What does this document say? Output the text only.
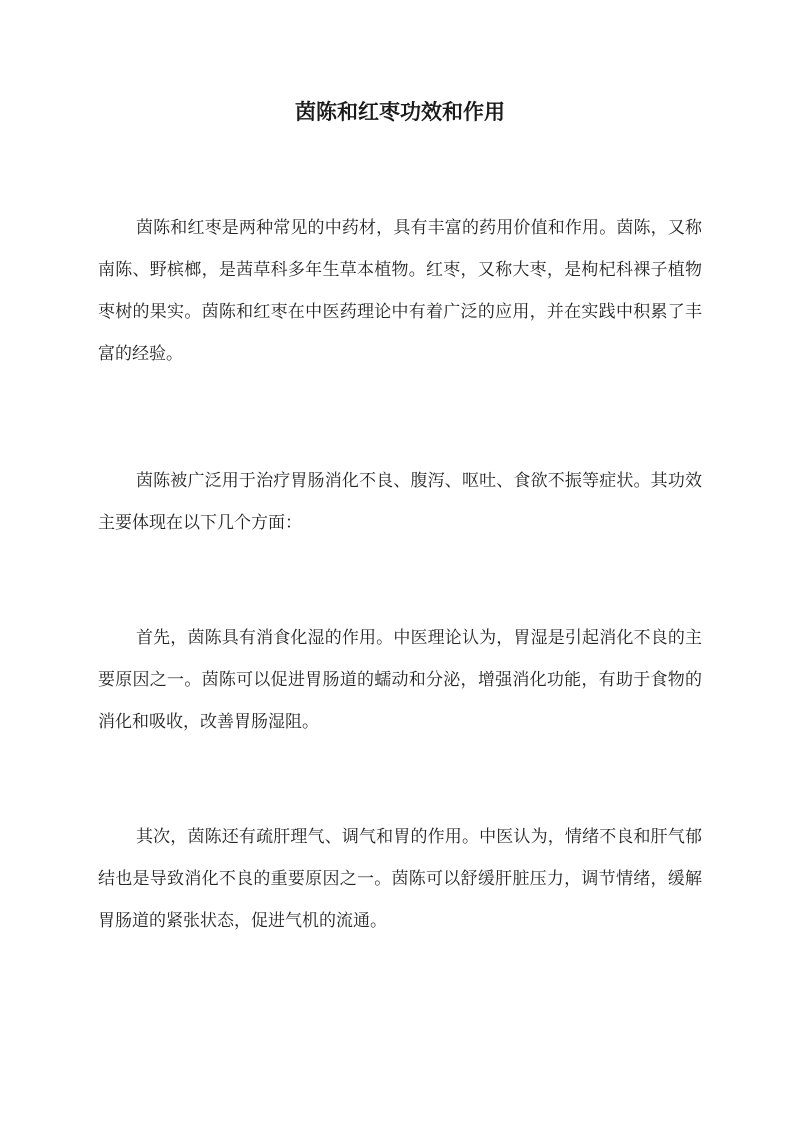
茵陈和红枣功效和作用

茵陈和红枣是两种常见的中药材，具有丰富的药用价值和作用。茵陈，又称南陈、野槟榔，是茜草科多年生草本植物。红枣，又称大枣，是枸杞科裸子植物枣树的果实。茵陈和红枣在中医药理论中有着广泛的应用，并在实践中积累了丰富的经验。

茵陈被广泛用于治疗胃肠消化不良、腹泻、呕吐、食欲不振等症状。其功效主要体现在以下几个方面：

首先，茵陈具有消食化湿的作用。中医理论认为，胃湿是引起消化不良的主要原因之一。茵陈可以促进胃肠道的蠕动和分泌，增强消化功能，有助于食物的消化和吸收，改善胃肠湿阻。

其次，茵陈还有疏肝理气、调气和胃的作用。中医认为，情绪不良和肝气郁结也是导致消化不良的重要原因之一。茵陈可以舒缓肝脏压力，调节情绪，缓解胃肠道的紧张状态，促进气机的流通。
